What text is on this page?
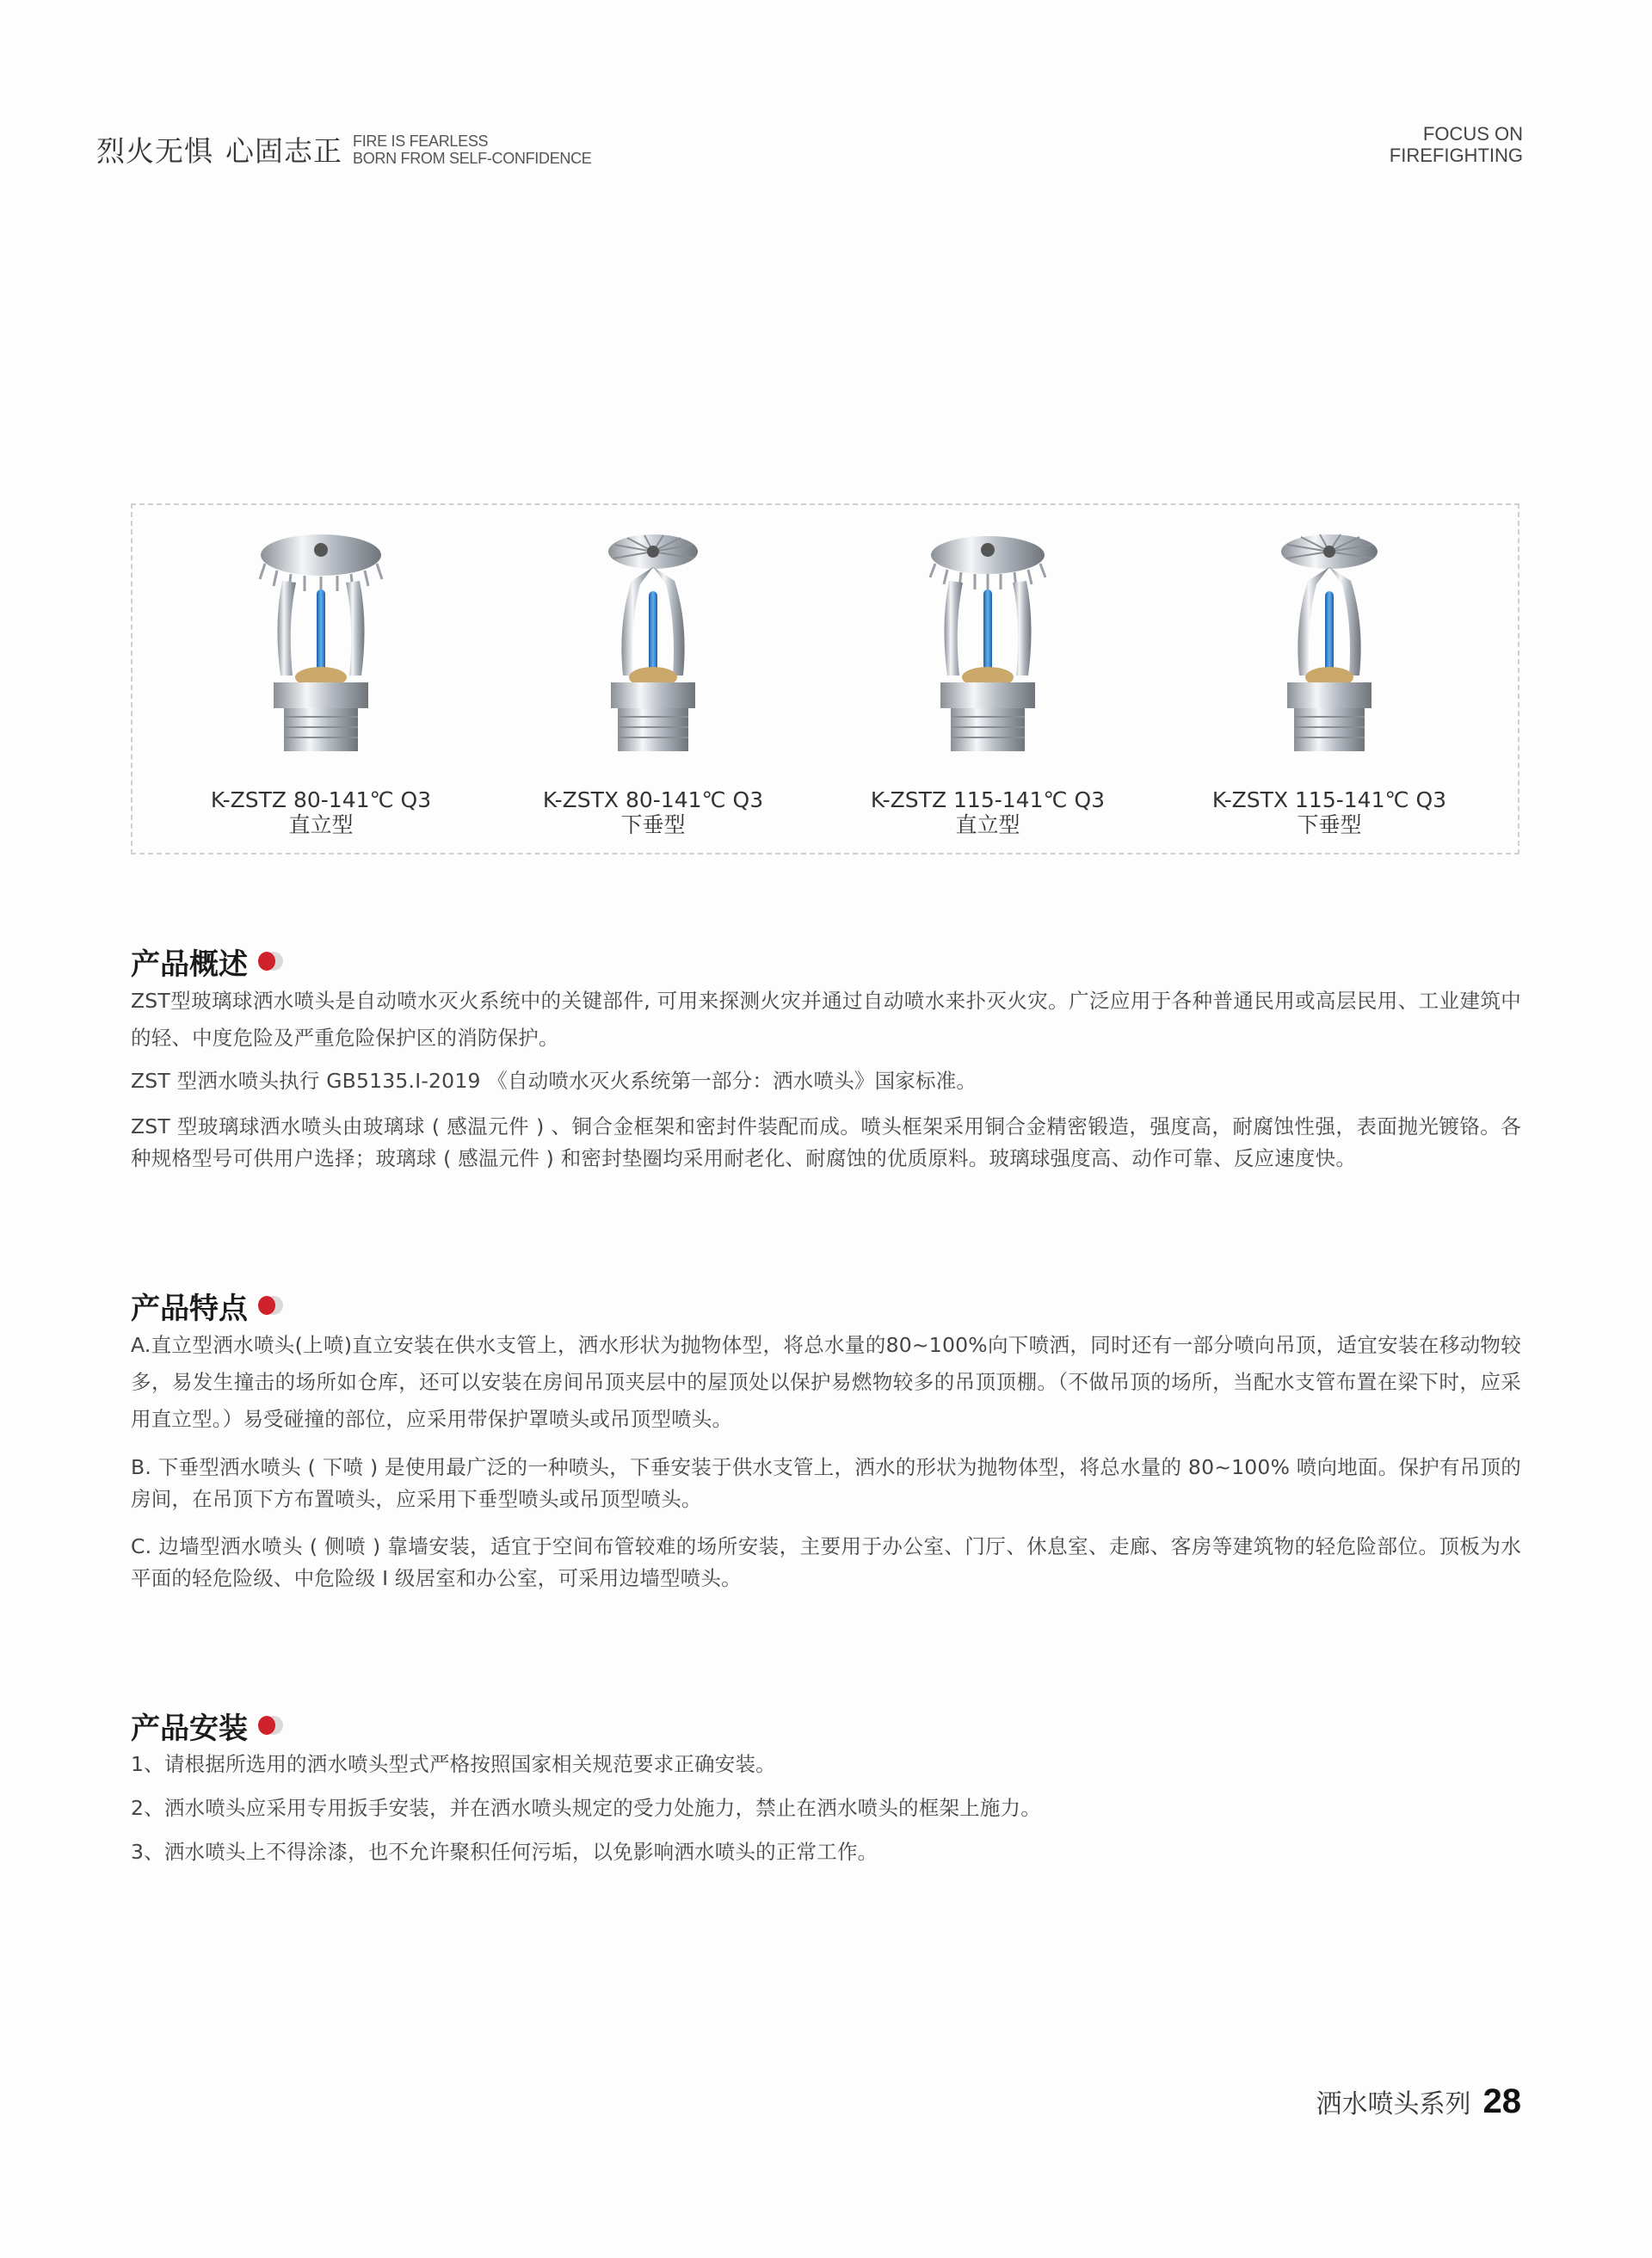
烈火无惧 心固志正 FIRE IS FEARLESS
BORN FROM SELF-CONFIDENCE
FOCUS ON
FIREFIGHTING
K-ZSTZ 80-141℃ Q3
直立型
K-ZSTX 80-141℃ Q3
下垂型
K-ZSTZ 115-141℃ Q3
直立型
K-ZSTX 115-141℃ Q3
下垂型
产品概述

ZST型玻璃球洒水喷头是自动喷水灭火系统中的关键部件, 可用来探测火灾并通过自动喷水来扑灭火灾。广泛应用于各种普通民用或高层民用、工业建筑中的轻、中度危险及严重危险保护区的消防保护。

ZST 型洒水喷头执行 GB5135.I-2019 《自动喷水灭火系统第一部分：洒水喷头》国家标准。

ZST 型玻璃球洒水喷头由玻璃球 ( 感温元件 ) 、铜合金框架和密封件装配而成。喷头框架采用铜合金精密锻造，强度高，耐腐蚀性强，表面抛光镀铬。各种规格型号可供用户选择；玻璃球 ( 感温元件 ) 和密封垫圈均采用耐老化、耐腐蚀的优质原料。玻璃球强度高、动作可靠、反应速度快。

产品特点

A.直立型洒水喷头(上喷)直立安装在供水支管上，洒水形状为抛物体型，将总水量的80~100%向下喷洒，同时还有一部分喷向吊顶，适宜安装在移动物较多，易发生撞击的场所如仓库，还可以安装在房间吊顶夹层中的屋顶处以保护易燃物较多的吊顶顶棚。（不做吊顶的场所，当配水支管布置在梁下时，应采用直立型。）易受碰撞的部位，应采用带保护罩喷头或吊顶型喷头。

B. 下垂型洒水喷头 ( 下喷 ) 是使用最广泛的一种喷头，下垂安装于供水支管上，洒水的形状为抛物体型，将总水量的 80~100% 喷向地面。保护有吊顶的房间，在吊顶下方布置喷头，应采用下垂型喷头或吊顶型喷头。

C. 边墙型洒水喷头 ( 侧喷 ) 靠墙安装，适宜于空间布管较难的场所安装，主要用于办公室、门厅、休息室、走廊、客房等建筑物的轻危险部位。顶板为水平面的轻危险级、中危险级 I 级居室和办公室，可采用边墙型喷头。

产品安装

1、请根据所选用的洒水喷头型式严格按照国家相关规范要求正确安装。

2、洒水喷头应采用专用扳手安装，并在洒水喷头规定的受力处施力，禁止在洒水喷头的框架上施力。

3、洒水喷头上不得涂漆，也不允许聚积任何污垢，以免影响洒水喷头的正常工作。

洒水喷头系列 28
